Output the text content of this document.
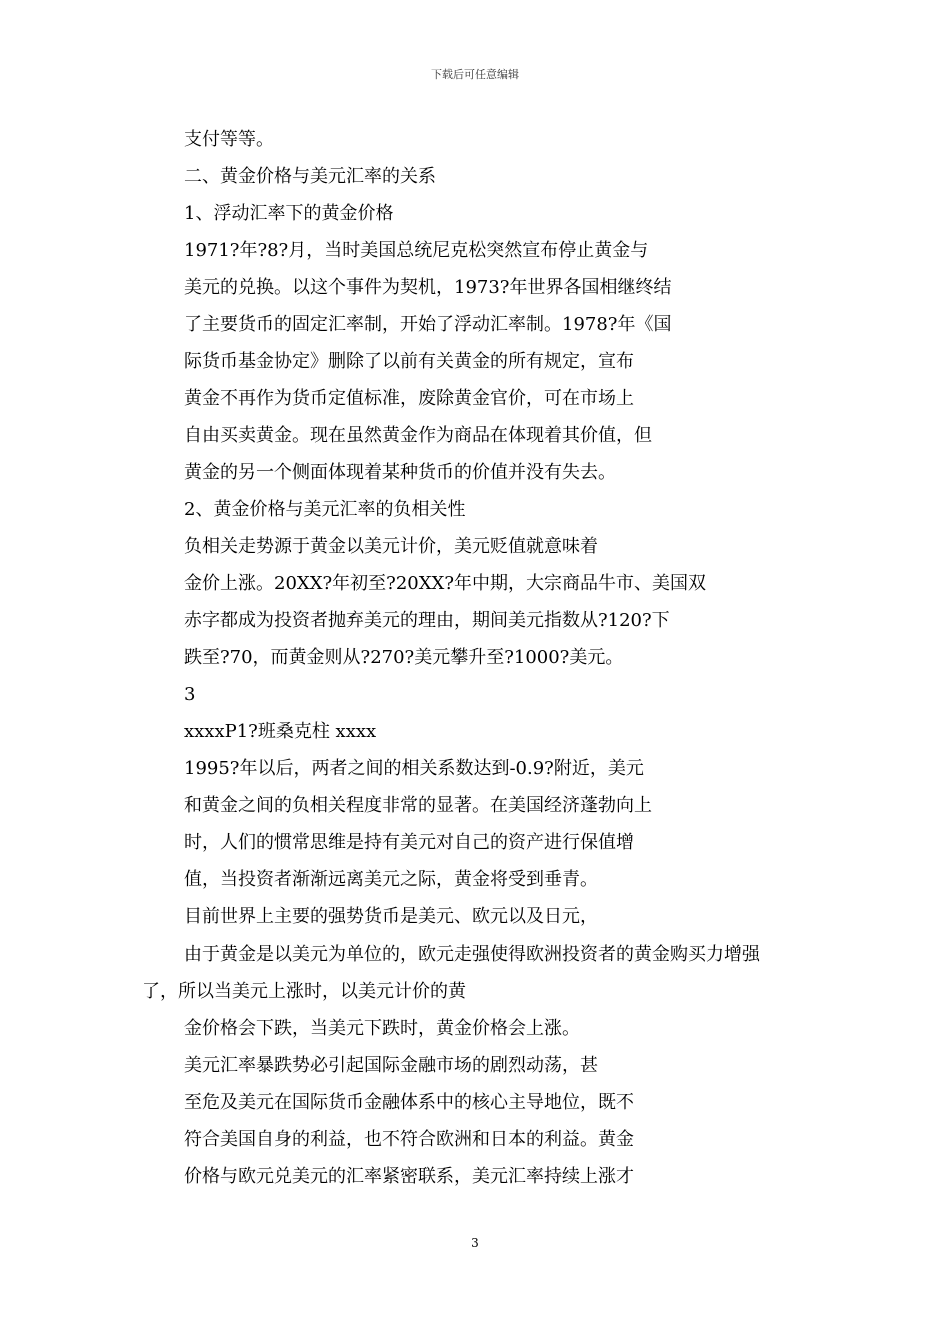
下载后可任意编辑
支付等等。
二、黄金价格与美元汇率的关系
1、浮动汇率下的黄金价格
1971?年?8?月，当时美国总统尼克松突然宣布停止黄金与
美元的兑换。以这个事件为契机，1973?年世界各国相继终结
了主要货币的固定汇率制，开始了浮动汇率制。1978?年《国
际货币基金协定》删除了以前有关黄金的所有规定，宣布
黄金不再作为货币定值标准，废除黄金官价，可在市场上
自由买卖黄金。现在虽然黄金作为商品在体现着其价值，但
黄金的另一个侧面体现着某种货币的价值并没有失去。
2、黄金价格与美元汇率的负相关性
负相关走势源于黄金以美元计价，美元贬值就意味着
金价上涨。20XX?年初至?20XX?年中期，大宗商品牛市、美国双
赤字都成为投资者抛弃美元的理由，期间美元指数从?120?下
跌至?70，而黄金则从?270?美元攀升至?1000?美元。
3
xxxxP1?班桑克柱 xxxx
1995?年以后，两者之间的相关系数达到-0.9?附近，美元
和黄金之间的负相关程度非常的显著。在美国经济蓬勃向上
时，人们的惯常思维是持有美元对自己的资产进行保值增
值，当投资者渐渐远离美元之际，黄金将受到垂青。
目前世界上主要的强势货币是美元、欧元以及日元，
由于黄金是以美元为单位的，欧元走强使得欧洲投资者的黄金购买力增强
了，所以当美元上涨时，以美元计价的黄
金价格会下跌，当美元下跌时，黄金价格会上涨。
美元汇率暴跌势必引起国际金融市场的剧烈动荡，甚
至危及美元在国际货币金融体系中的核心主导地位，既不
符合美国自身的利益，也不符合欧洲和日本的利益。黄金
价格与欧元兑美元的汇率紧密联系，美元汇率持续上涨才
3
